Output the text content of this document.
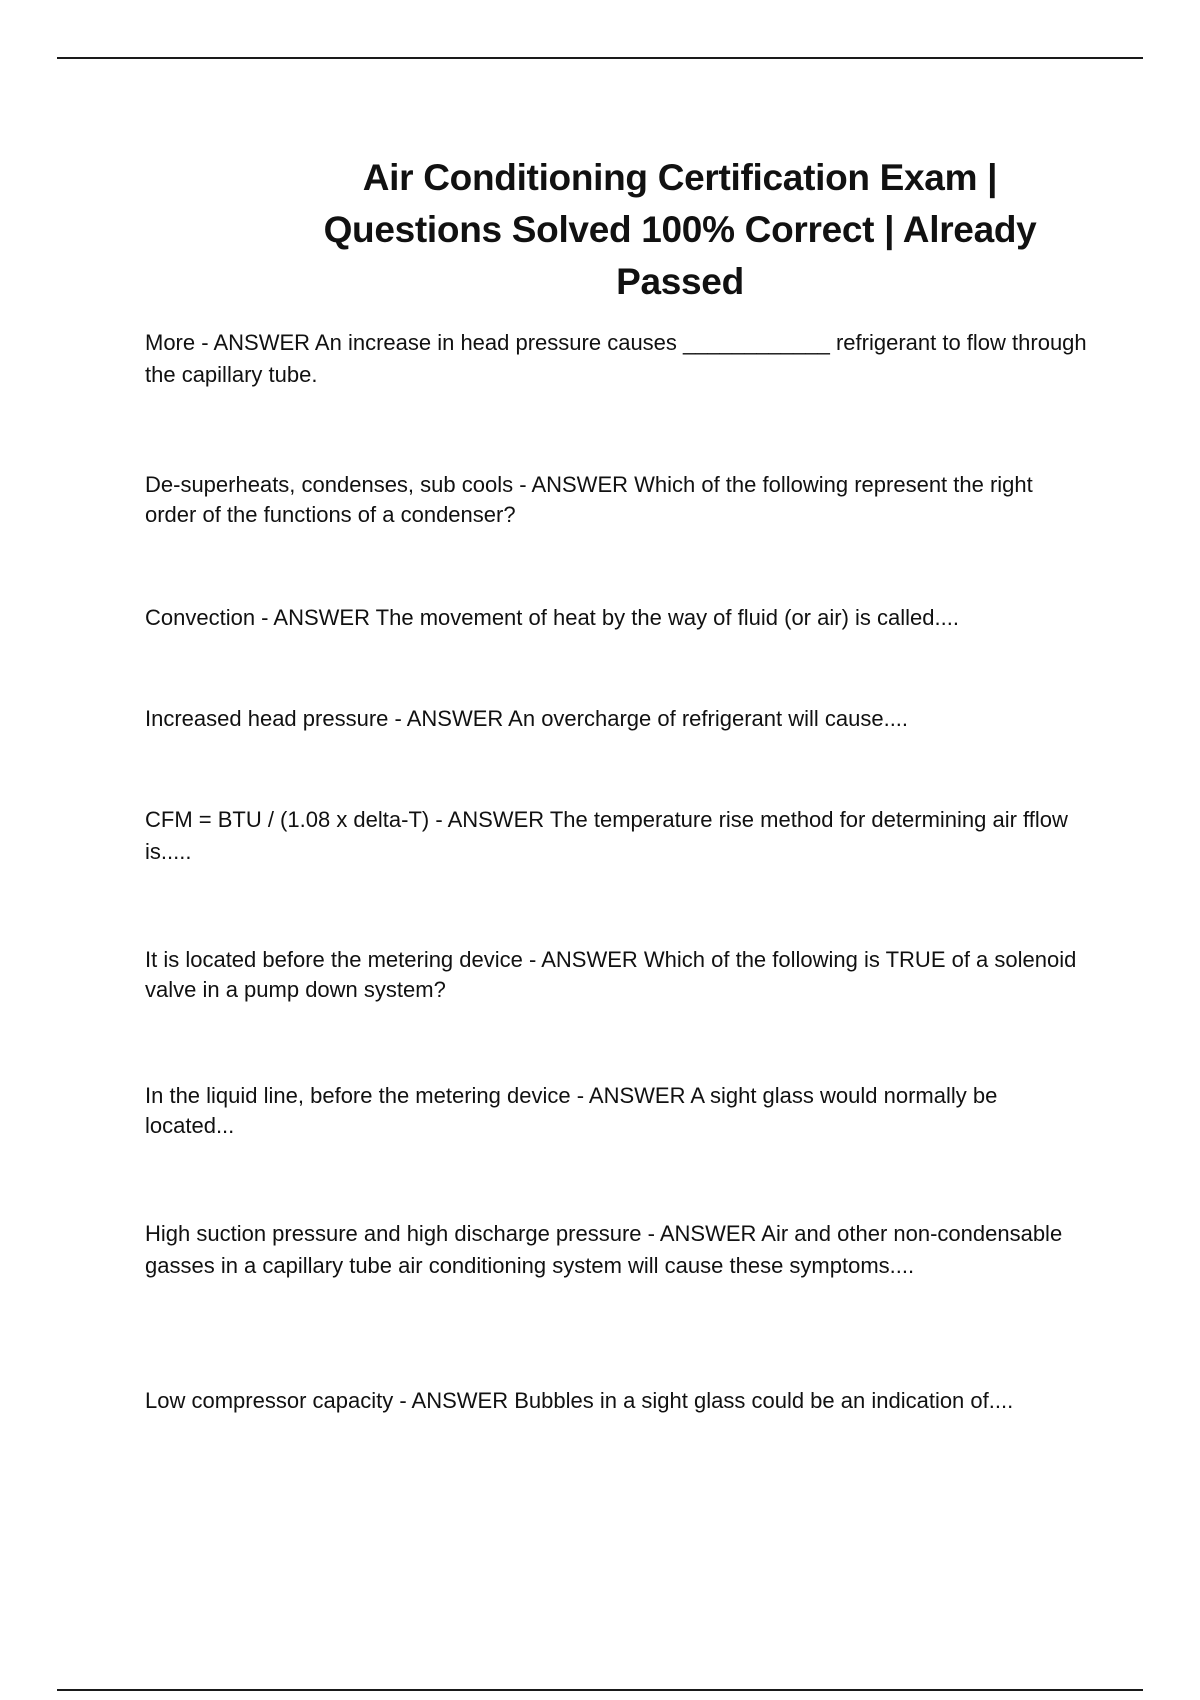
Air Conditioning Certification Exam |
Questions Solved 100% Correct | Already
Passed
More - ANSWER An increase in head pressure causes ____________ refrigerant to flow through the capillary tube.
De-superheats, condenses, sub cools - ANSWER Which of the following represent the right order of the functions of a condenser?
Convection - ANSWER The movement of heat by the way of fluid (or air) is called....
Increased head pressure - ANSWER An overcharge of refrigerant will cause....
CFM = BTU / (1.08 x delta-T) - ANSWER The temperature rise method for determining air fflow is.....
It is located before the metering device - ANSWER Which of the following is TRUE of a solenoid valve in a pump down system?
In the liquid line, before the metering device - ANSWER A sight glass would normally be located...
High suction pressure and high discharge pressure - ANSWER Air and other non-condensable gasses in a capillary tube air conditioning system will cause these symptoms....
Low compressor capacity - ANSWER Bubbles in a sight glass could be an indication of....
